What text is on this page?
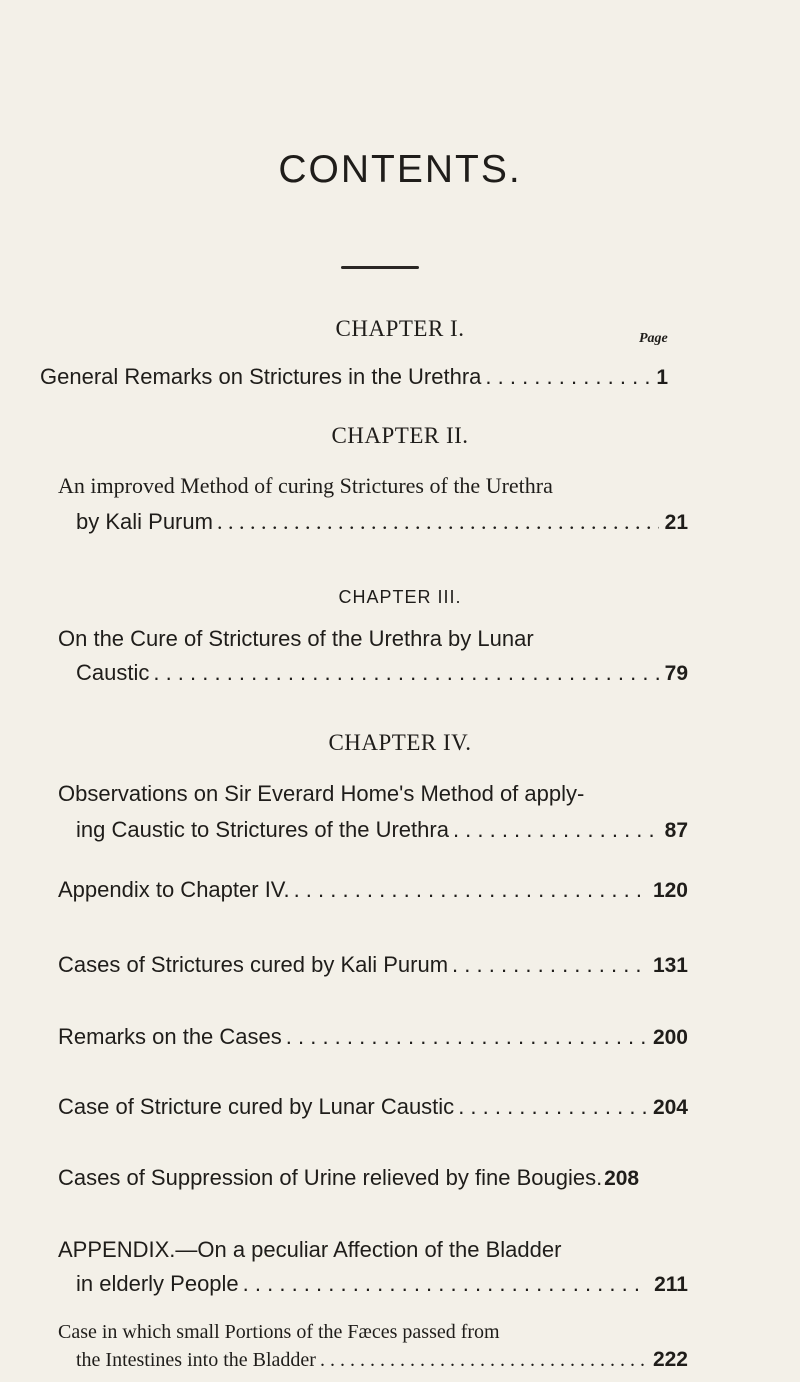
CONTENTS.
CHAPTER I.	Page
General Remarks on Strictures in the Urethra . . .	1
CHAPTER II.
An improved Method of curing Strictures of the Urethra
by Kali Purum . . .	21
CHAPTER III.
On the Cure of Strictures of the Urethra by Lunar
Caustic . . .	79
CHAPTER IV.
Observations on Sir Everard Home's Method of apply-
ing Caustic to Strictures of the Urethra . . .	87
Appendix to Chapter IV. . . .	120
Cases of Strictures cured by Kali Purum . . .	131
Remarks on the Cases . . .	200
Case of Stricture cured by Lunar Caustic . . .	204
Cases of Suppression of Urine relieved by fine Bougies . . . 208
APPENDIX.—On a peculiar Affection of the Bladder
in elderly People . . .	211
Case in which small Portions of the Fæces passed from
the Intestines into the Bladder . . .	222
